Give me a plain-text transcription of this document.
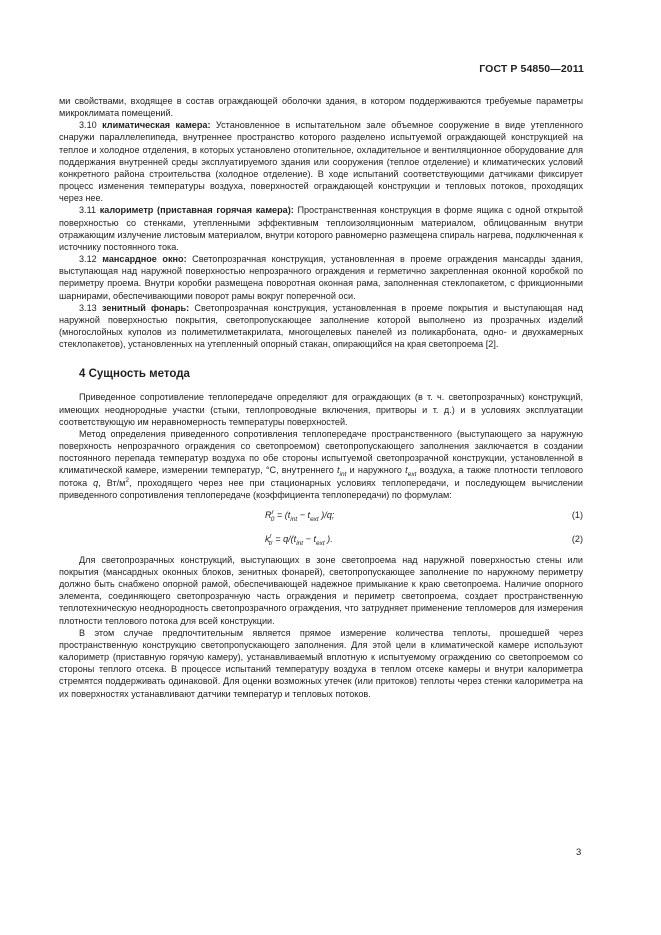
ГОСТ Р 54850—2011

ми свойствами, входящее в состав ограждающей оболочки здания, в котором поддерживаются требуемые параметры микроклимата помещений.

3.10 климатическая камера: Установленное в испытательном зале объемное сооружение в виде утепленного снаружи параллелепипеда, внутреннее пространство которого разделено испытуемой ограждающей конструкцией на теплое и холодное отделения, в которых установлено отопительное, охладительное и вентиляционное оборудование для поддержания внутренней среды эксплуатируемого здания или сооружения (теплое отделение) и климатических условий конкретного района строительства (холодное отделение). В ходе испытаний соответствующими датчиками фиксирует процесс изменения температуры воздуха, поверхностей ограждающей конструкции и тепловых потоков, проходящих через нее.

3.11 калориметр (приставная горячая камера): Пространственная конструкция в форме ящика с одной открытой поверхностью со стенками, утепленными эффективным теплоизоляционным материалом, облицованным внутри отражающим излучение листовым материалом, внутри которого равномерно размещена спираль нагрева, подключенная к источнику постоянного тока.

3.12 мансардное окно: Светопрозрачная конструкция, установленная в проеме ограждения мансарды здания, выступающая над наружной поверхностью непрозрачного ограждения и герметично закрепленная оконной коробкой по периметру проема. Внутри коробки размещена поворотная оконная рама, заполненная стеклопакетом, с фрикционными шарнирами, обеспечивающими поворот рамы вокруг поперечной оси.

3.13 зенитный фонарь: Светопрозрачная конструкция, установленная в проеме покрытия и выступающая над наружной поверхностью покрытия, светопропускающее заполнение которой выполнено из прозрачных изделий (многослойных куполов из полиметилметакрилата, многощелевых панелей из поликарбоната, одно- и двухкамерных стеклопакетов), установленных на утепленный опорный стакан, опирающийся на края светопроема [2].

4 Сущность метода

Приведенное сопротивление теплопередаче определяют для ограждающих (в т. ч. светопрозрачных) конструкций, имеющих неоднородные участки (стыки, теплопроводные включения, притворы и т. д.) и в условиях эксплуатации соответствующую им неравномерность температуры поверхностей.

Метод определения приведенного сопротивления теплопередаче пространственного (выступающего за наружную поверхность непрозрачного ограждения со светопроемом) светопропускающего заполнения заключается в создании постоянного перепада температур воздуха по обе стороны испытуемой светопрозрачной конструкции, установленной в климатической камере, измерении температур, °С, внутреннего $t_{int}$ и наружного $t_{ext}$ воздуха, а также плотности теплового потока q, $Вт/м^2$, проходящего через нее при стационарных условиях теплопередачи, и последующем вычислении приведенного сопротивления теплопередаче (коэффициента теплопередачи) по формулам:

$R^r_0 = (t_{int} - t_{ext}$ )/q;	(1)
$k^r_{tr} = q/(t_{int} - t_{ext}$ ).	(2)

Для светопрозрачных конструкций, выступающих в зоне светопроема над наружной поверхностью стены или покрытия (мансардных оконных блоков, зенитных фонарей), светопропускающее заполнение по наружному периметру должно быть снабжено опорной рамой, обеспечивающей надежное примыкание к краю светопроема. Наличие опорного элемента, соединяющего светопрозрачную часть ограждения и периметр светопроема, создает пространственную теплотехническую неоднородность светопрозрачного ограждения, что затрудняет применение тепломеров для измерения плотности теплового потока для всей конструкции.

В этом случае предпочтительным является прямое измерение количества теплоты, прошедшей через пространственную конструкцию светопропускающего заполнения. Для этой цели в климатической камере используют калориметр (приставную горячую камеру), устанавливаемый вплотную к испытуемому ограждению со светопроемом со стороны теплого отсека. В процессе испытаний температуру воздуха в теплом отсеке камеры и внутри калориметра стремятся поддерживать одинаковой. Для оценки возможных утечек (или притоков) теплоты через стенки калориметра на их поверхностях устанавливают датчики температур и тепловых потоков.

3
